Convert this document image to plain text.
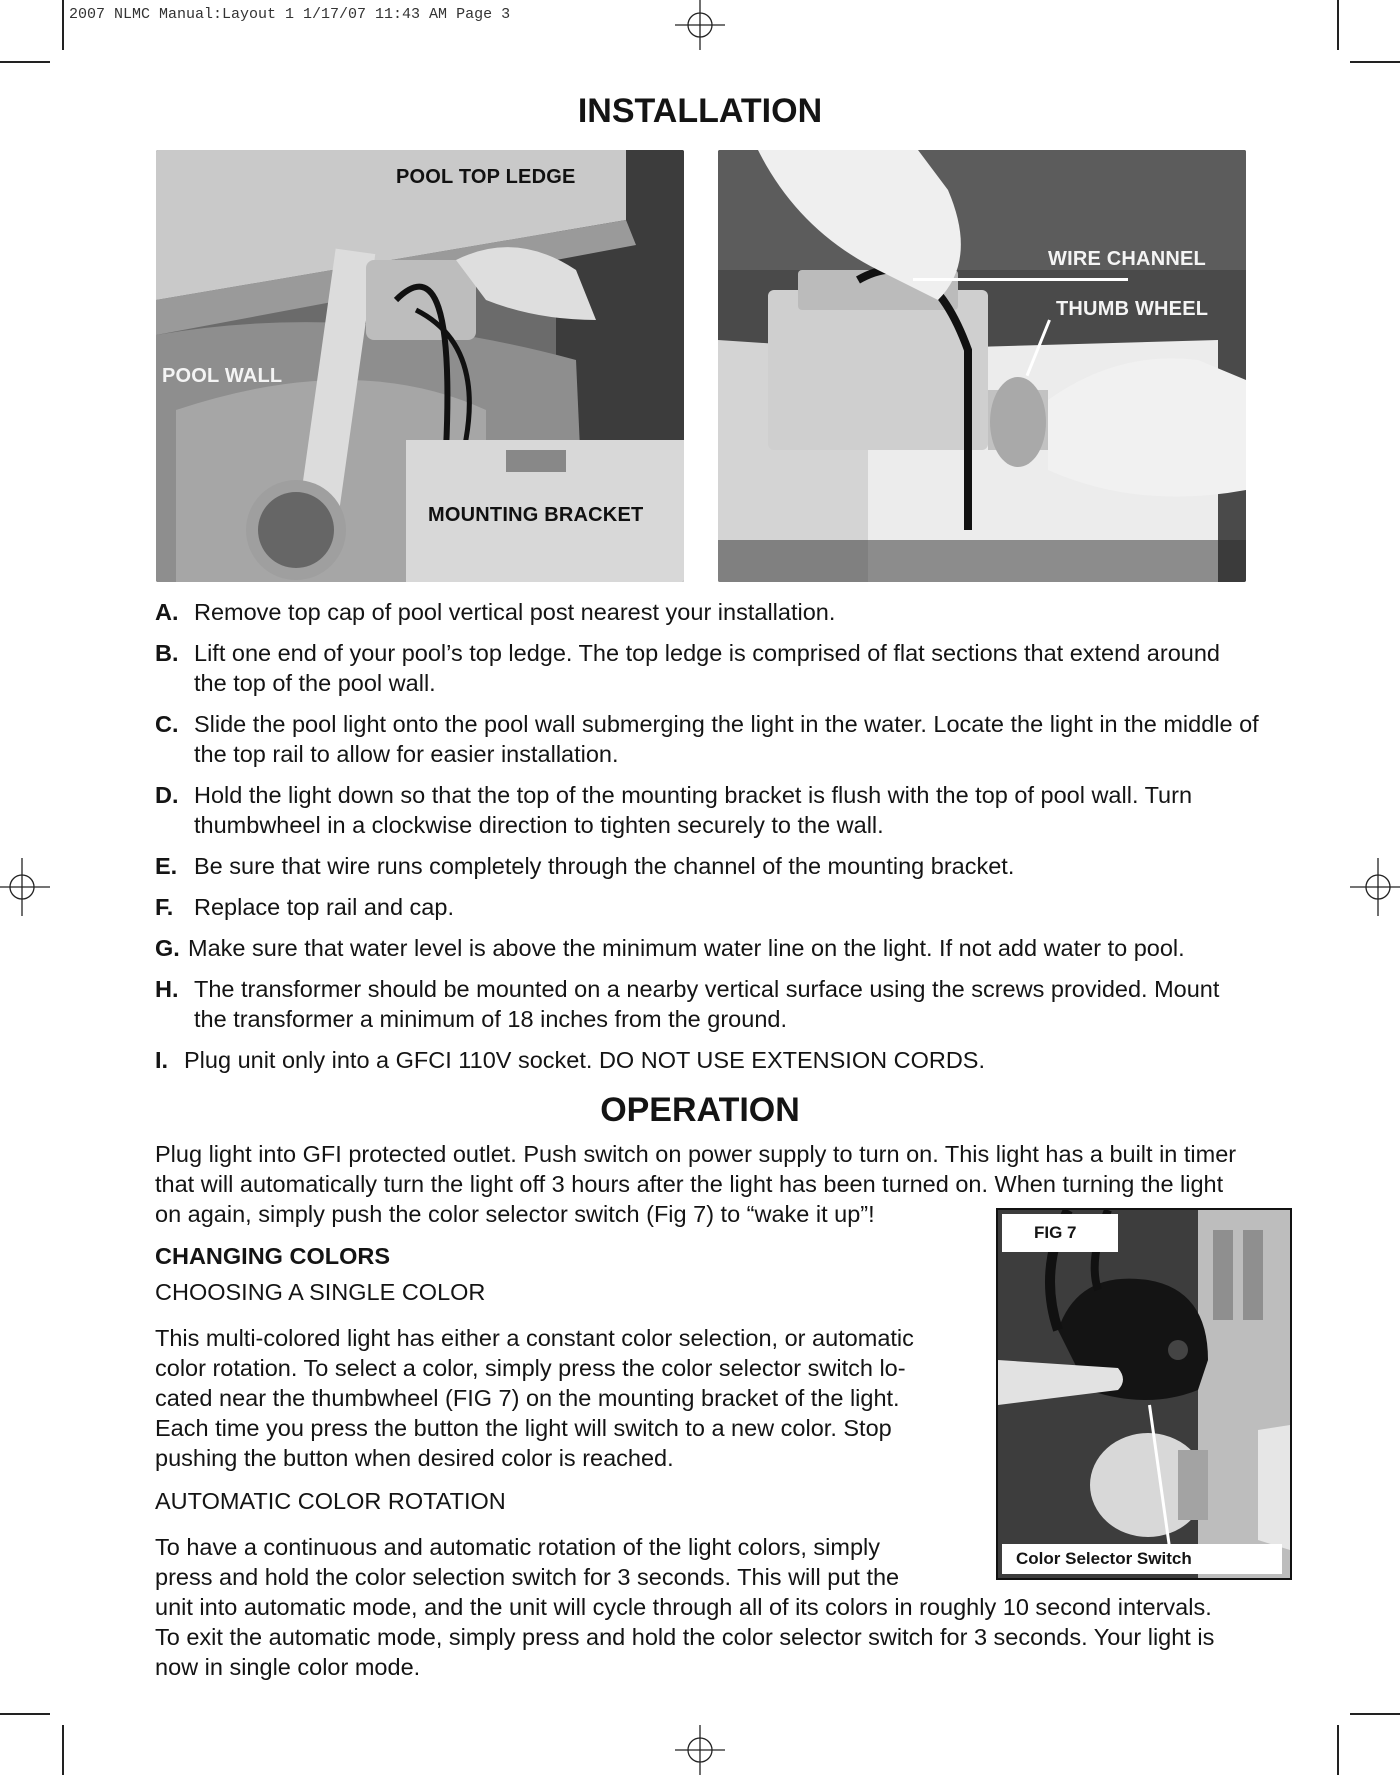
2007 NLMC Manual:Layout 1 1/17/07 11:43 AM Page 3
INSTALLATION
POOL TOP LEDGE
POOL WALL
MOUNTING BRACKET
WIRE CHANNEL
THUMB WHEEL
A. Remove top cap of pool vertical post nearest your installation.
B. Lift one end of your pool’s top ledge. The top ledge is comprised of flat sections that extend around the top of the pool wall.
C. Slide the pool light onto the pool wall submerging the light in the water. Locate the light in the middle of the top rail to allow for easier installation.
D. Hold the light down so that the top of the mounting bracket is flush with the top of pool wall. Turn thumbwheel in a clockwise direction to tighten securely to the wall.
E. Be sure that wire runs completely through the channel of the mounting bracket.
F. Replace top rail and cap.
G. Make sure that water level is above the minimum water line on the light. If not add water to pool.
H. The transformer should be mounted on a nearby vertical surface using the screws provided. Mount the transformer a minimum of 18 inches from the ground.
I. Plug unit only into a GFCI 110V socket. DO NOT USE EXTENSION CORDS.
OPERATION

Plug light into GFI protected outlet. Push switch on power supply to turn on. This light has a built in timer

that will automatically turn the light off 3 hours after the light has been turned on. When turning the light

on again, simply push the color selector switch (Fig 7) to “wake it up”!

CHANGING COLORS

CHOOSING A SINGLE COLOR

This multi-colored light has either a constant color selection, or automatic

color rotation. To select a color, simply press the color selector switch lo-

cated near the thumbwheel (FIG 7) on the mounting bracket of the light.

Each time you press the button the light will switch to a new color. Stop

pushing the button when desired color is reached.

AUTOMATIC COLOR ROTATION

To have a continuous and automatic rotation of the light colors, simply

press and hold the color selection switch for 3 seconds. This will put the

unit into automatic mode, and the unit will cycle through all of its colors in roughly 10 second intervals.

To exit the automatic mode, simply press and hold the color selector switch for 3 seconds. Your light is

now in single color mode.

FIG 7
Color Selector Switch
